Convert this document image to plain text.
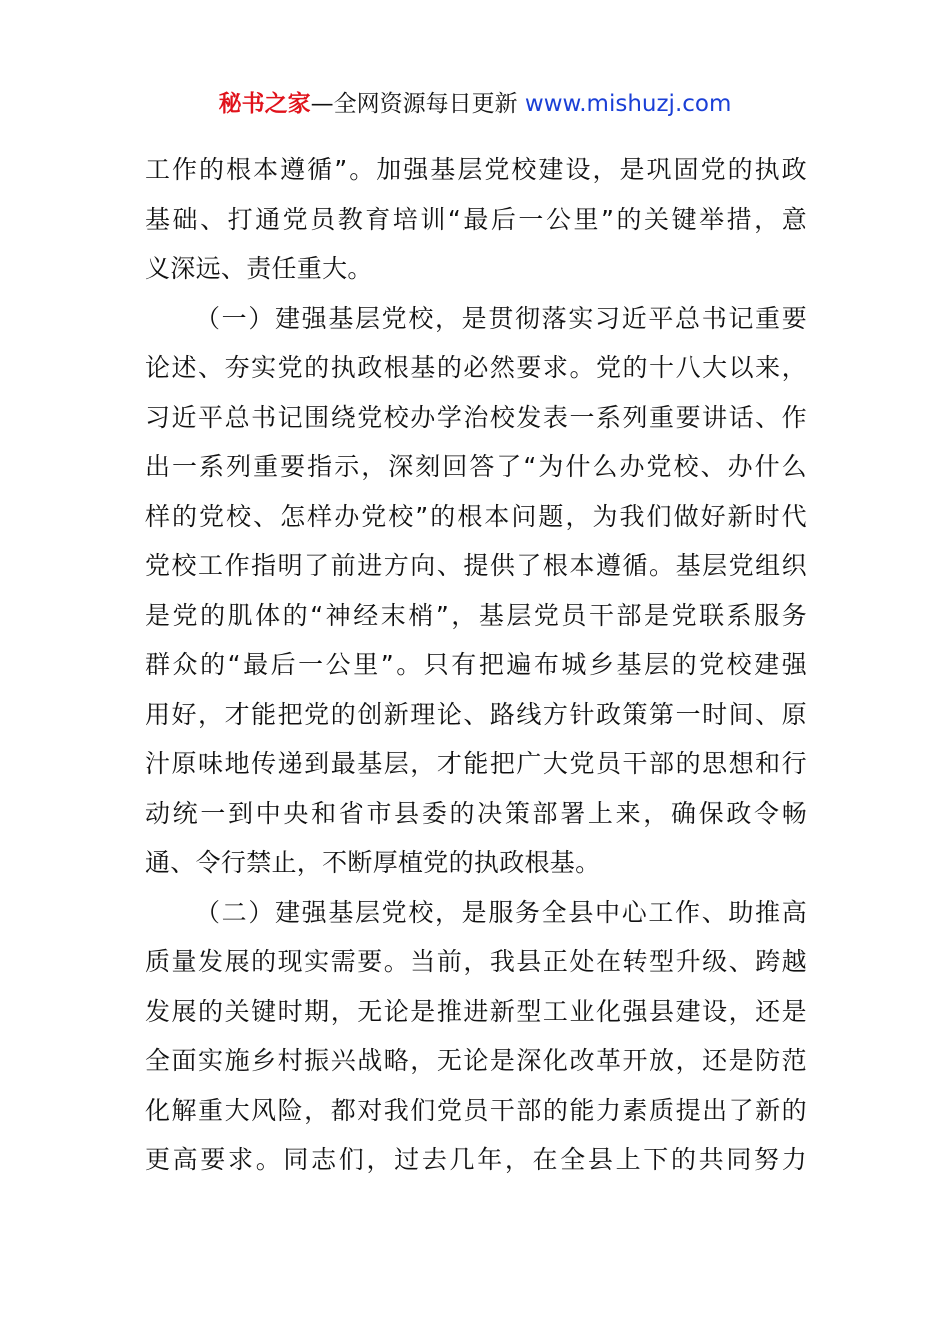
秘书之家—全网资源每日更新 www.mishuzj.com
工作的根本遵循”。加强基层党校建设，是巩固党的执政
基础、打通党员教育培训“最后一公里”的关键举措，意
义深远、责任重大。
（一）建强基层党校，是贯彻落实习近平总书记重要
论述、夯实党的执政根基的必然要求。党的十八大以来，
习近平总书记围绕党校办学治校发表一系列重要讲话、作
出一系列重要指示，深刻回答了“为什么办党校、办什么
样的党校、怎样办党校”的根本问题，为我们做好新时代
党校工作指明了前进方向、提供了根本遵循。基层党组织
是党的肌体的“神经末梢”，基层党员干部是党联系服务
群众的“最后一公里”。只有把遍布城乡基层的党校建强
用好，才能把党的创新理论、路线方针政策第一时间、原
汁原味地传递到最基层，才能把广大党员干部的思想和行
动统一到中央和省市县委的决策部署上来，确保政令畅
通、令行禁止，不断厚植党的执政根基。
（二）建强基层党校，是服务全县中心工作、助推高
质量发展的现实需要。当前，我县正处在转型升级、跨越
发展的关键时期，无论是推进新型工业化强县建设，还是
全面实施乡村振兴战略，无论是深化改革开放，还是防范
化解重大风险，都对我们党员干部的能力素质提出了新的
更高要求。同志们，过去几年，在全县上下的共同努力
